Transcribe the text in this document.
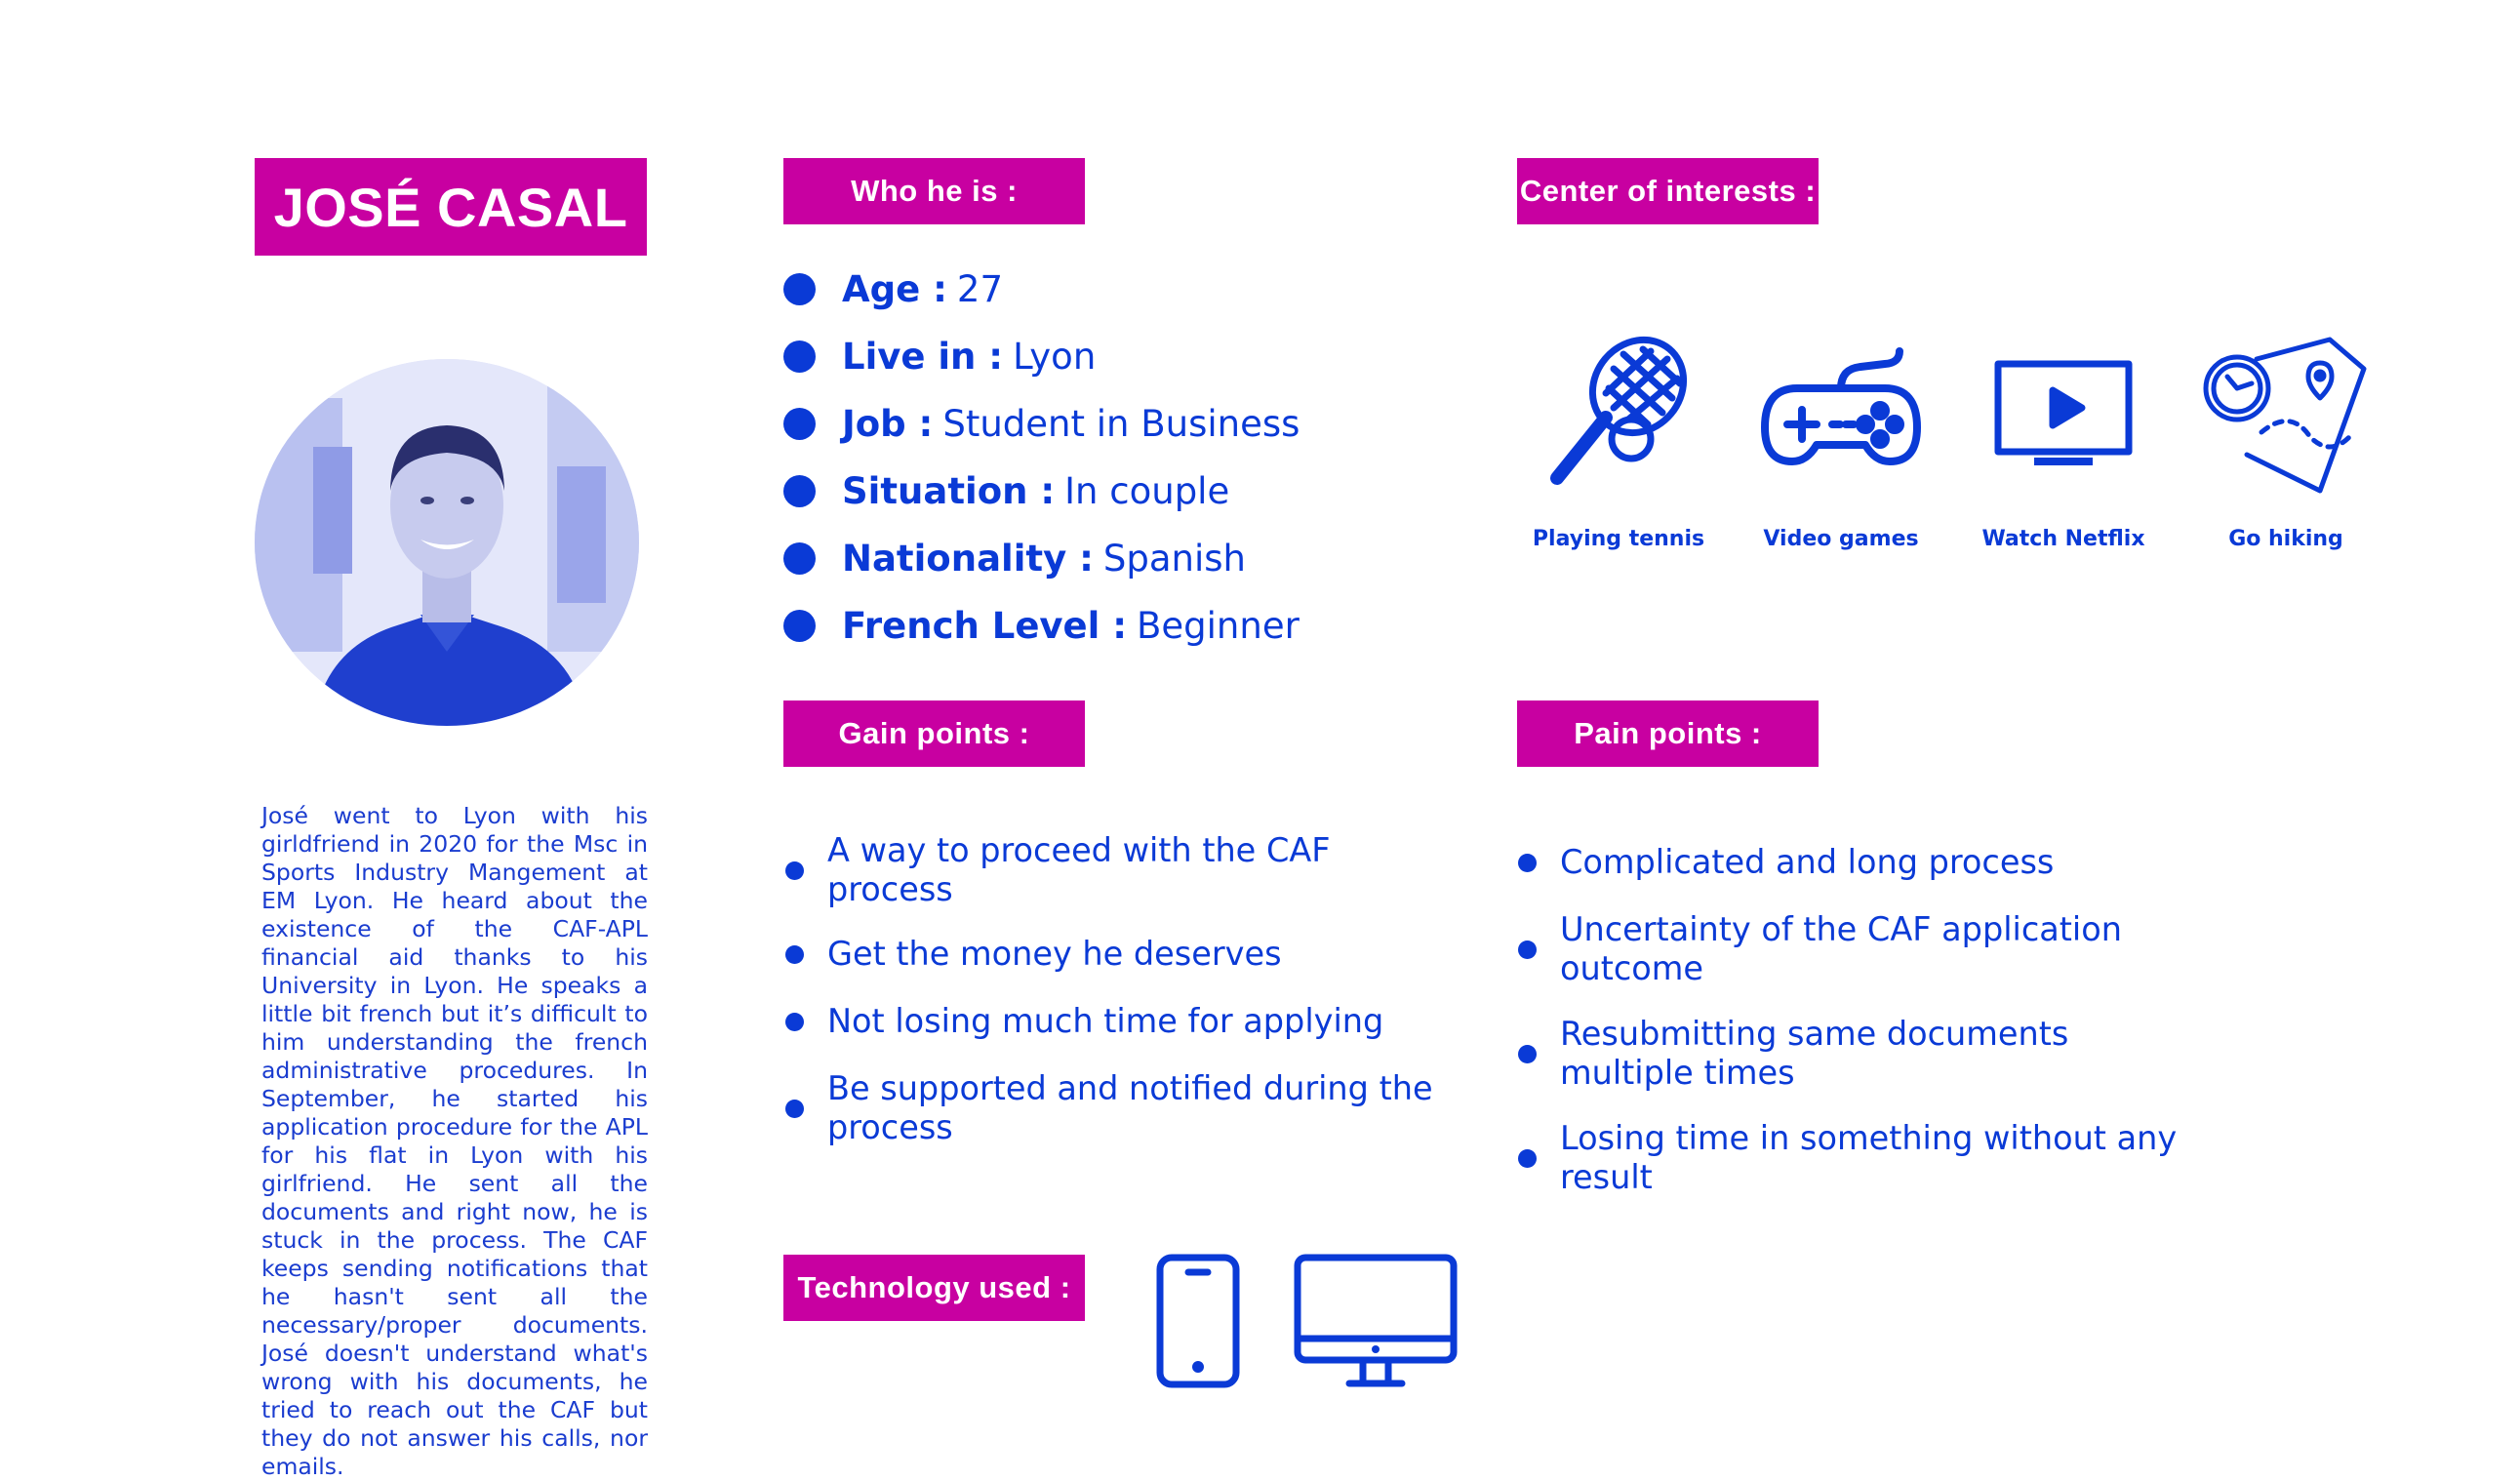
JOSÉ CASAL
José went to Lyon with his girldfriend in 2020 for the Msc in Sports Industry Mangement at EM Lyon. He heard about the existence of the CAF-APL financial aid thanks to his University in Lyon. He speaks a little bit french but it’s difficult to him understanding the french administrative procedures. In September, he started his application procedure for the APL for his flat in Lyon with his girlfriend. He sent all the documents and right now, he is stuck in the process. The CAF keeps sending notifications that he hasn't sent all the necessary/proper documents. José doesn't understand what's wrong with his documents, he tried to reach out the CAF but they do not answer his calls, nor emails.
Who he is :
Age : 27
Live in : Lyon
Job : Student in Business
Situation : In couple
Nationality : Spanish
French Level : Beginner
Center of interests :
Playing tennis	Video games	Watch Netflix	Go hiking
Gain points :
A way to proceed with the CAF process
Get the money he deserves
Not losing much time for applying
Be supported and notified during the process
Pain points :
Complicated and long process
Uncertainty of the CAF application outcome
Resubmitting same documents multiple times
Losing time in something without any result
Technology used :
